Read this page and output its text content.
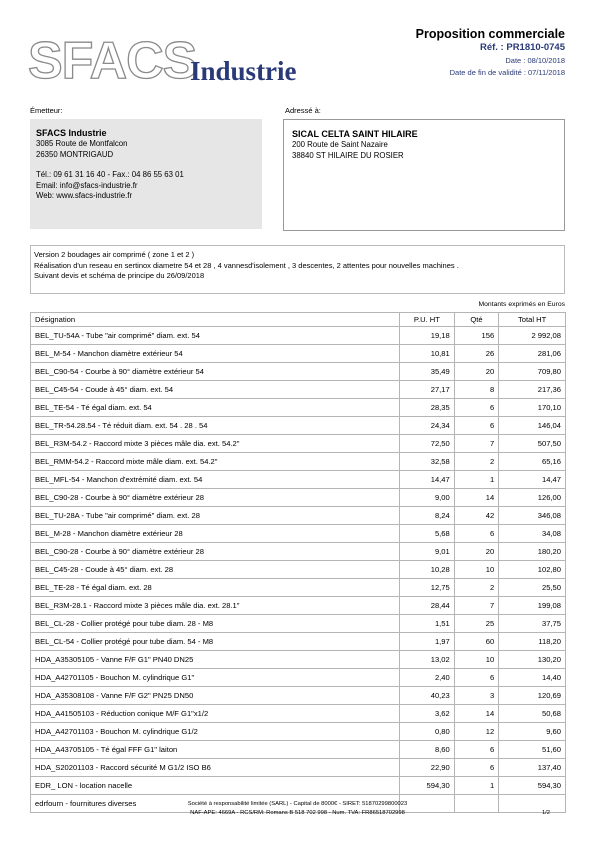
SFACS
Industrie
Proposition commerciale
Réf. : PR1810-0745
Date : 08/10/2018
Date de fin de validité : 07/11/2018
Émetteur:	Adressé à:
SFACS Industrie
3085 Route de Montfalcon
26350 MONTRIGAUD
Tél.: 09 61 31 16 40 - Fax.: 04 86 55 63 01
Email: info@sfacs-industrie.fr
Web: www.sfacs-industrie.fr
SICAL CELTA SAINT HILAIRE
200 Route de Saint Nazaire
38840 ST HILAIRE DU ROSIER
Version 2 boudages air comprimé ( zone 1 et 2 )
Réalisation d'un reseau en sertinox diametre 54 et 28 , 4 vannesd'isolement , 3 descentes, 2 attentes pour nouvelles machines .
Suivant devis et schéma de principe du 26/09/2018
Montants exprimés en Euros
Désignation	P.U. HT	Qté	Total HT
BEL_TU-54A - Tube "air comprimé" diam. ext. 54	19,18	156	2 992,08
BEL_M-54 - Manchon diamètre extérieur 54	10,81	26	281,06
BEL_C90-54 - Courbe à 90° diamètre extérieur 54	35,49	20	709,80
BEL_C45-54 - Coude à 45° diam. ext. 54	27,17	8	217,36
BEL_TE-54 - Té égal diam. ext. 54	28,35	6	170,10
BEL_TR-54.28.54 - Té réduit diam. ext. 54 . 28 . 54	24,34	6	146,04
BEL_R3M-54.2 - Raccord mixte 3 pièces mâle dia. ext. 54.2"	72,50	7	507,50
BEL_RMM-54.2 - Raccord mixte mâle diam. ext. 54.2"	32,58	2	65,16
BEL_MFL-54 - Manchon d'extrémité diam. ext. 54	14,47	1	14,47
BEL_C90-28 - Courbe à 90° diamètre extérieur 28	9,00	14	126,00
BEL_TU-28A - Tube "air comprimé" diam. ext. 28	8,24	42	346,08
BEL_M-28 - Manchon diamètre extérieur 28	5,68	6	34,08
BEL_C90-28 - Courbe à 90° diamètre extérieur 28	9,01	20	180,20
BEL_C45-28 - Coude à 45° diam. ext. 28	10,28	10	102,80
BEL_TE-28 - Té égal diam. ext. 28	12,75	2	25,50
BEL_R3M-28.1 - Raccord mixte 3 pièces mâle dia. ext. 28.1"	28,44	7	199,08
BEL_CL-28 - Collier protégé pour tube diam. 28 - M8	1,51	25	37,75
BEL_CL-54 - Collier protégé pour tube diam. 54 - M8	1,97	60	118,20
HDA_A35305105 - Vanne F/F G1" PN40 DN25	13,02	10	130,20
HDA_A42701105 - Bouchon M. cylindrique G1"	2,40	6	14,40
HDA_A35308108 - Vanne F/F G2" PN25 DN50	40,23	3	120,69
HDA_A41505103 - Réduction conique M/F G1"x1/2	3,62	14	50,68
HDA_A42701103 - Bouchon M. cylindrique G1/2	0,80	12	9,60
HDA_A43705105 - Té égal FFF G1" laiton	8,60	6	51,60
HDA_S20201103 - Raccord sécurité M G1/2 ISO B6	22,90	6	137,40
EDR_ LON - location nacelle	594,30	1	594,30
edrfourn - fournitures diverses				Société à responsabilité limitée (SARL) - Capital de 8000€ - SIRET: 51870299800023
NAF-APE: 4669A - RCS/RM: Romans B 518 702 998 - Num. TVA: FR86518702998	1/2
